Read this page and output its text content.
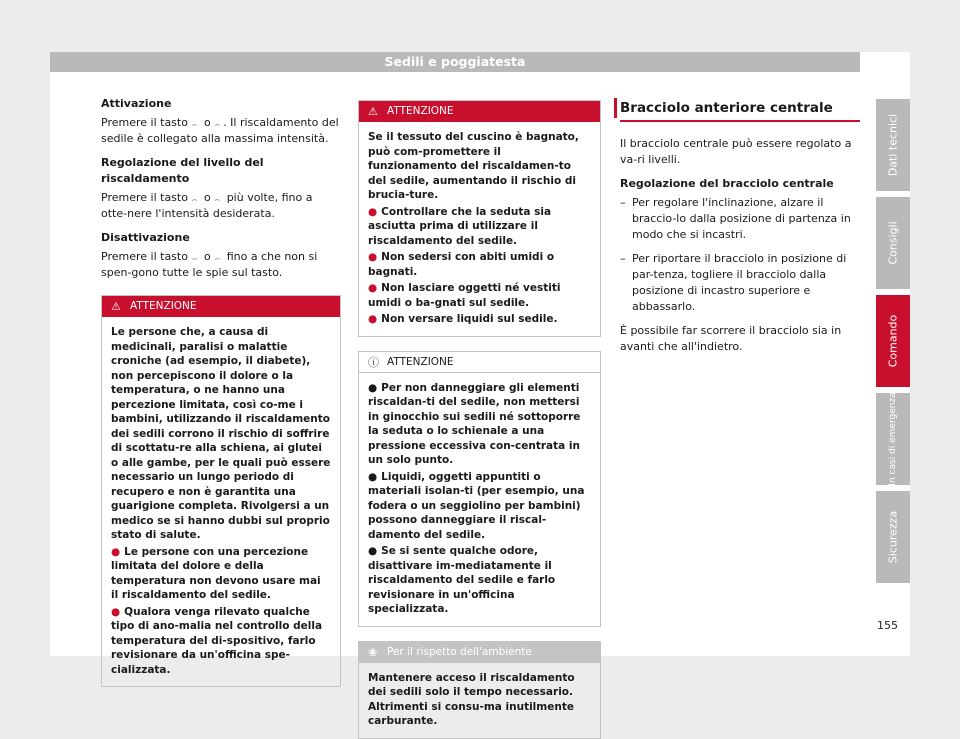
Sedili e poggiatesta
Attivazione
Premere il tasto ⌢ o ⌢ . Il riscaldamento del sedile è collegato alla massima intensità.
Regolazione del livello del riscaldamento
Premere il tasto ⌢ o ⌢ più volte, fino a otte-nere l'intensità desiderata.
Disattivazione
Premere il tasto ⌢ o ⌢ fino a che non si spen-gono tutte le spie sul tasto.
⚠ ATTENZIONE
Le persone che, a causa di medicinali, paralisi o malattie croniche (ad esempio, il diabete), non percepiscono il dolore o la temperatura, o ne hanno una percezione limitata, così co-me i bambini, utilizzando il riscaldamento dei sedili corrono il rischio di soffrire di scottatu-re alla schiena, ai glutei o alle gambe, per le quali può essere necessario un lungo periodo di recupero e non è garantita una guarigione completa. Rivolgersi a un medico se si hanno dubbi sul proprio stato di salute.
● Le persone con una percezione limitata del dolore e della temperatura non devono usare mai il riscaldamento del sedile.
● Qualora venga rilevato qualche tipo di ano-malia nel controllo della temperatura del di-spositivo, farlo revisionare da un'officina spe-cializzata.
⚠ ATTENZIONE
Se il tessuto del cuscino è bagnato, può com-promettere il funzionamento del riscaldamen-to del sedile, aumentando il rischio di brucia-ture.
● Controllare che la seduta sia asciutta prima di utilizzare il riscaldamento del sedile.
● Non sedersi con abiti umidi o bagnati.
● Non lasciare oggetti né vestiti umidi o ba-gnati sul sedile.
● Non versare liquidi sul sedile.
ⓘ ATTENZIONE
● Per non danneggiare gli elementi riscaldan-ti del sedile, non mettersi in ginocchio sui sedili né sottoporre la seduta o lo schienale a una pressione eccessiva con-centrata in un solo punto.
● Liquidi, oggetti appuntiti o materiali isolan-ti (per esempio, una fodera o un seggiolino per bambini) possono danneggiare il riscal-damento del sedile.
● Se si sente qualche odore, disattivare im-mediatamente il riscaldamento del sedile e farlo revisionare in un'officina specializzata.
❀ Per il rispetto dell'ambiente
Mantenere acceso il riscaldamento dei sedili solo il tempo necessario. Altrimenti si consu-ma inutilmente carburante.
Bracciolo anteriore centrale
Il bracciolo centrale può essere regolato a va-ri livelli.
Regolazione del bracciolo centrale
– Per regolare l'inclinazione, alzare il braccio-lo dalla posizione di partenza in modo che si incastri.
– Per riportare il bracciolo in posizione di par-tenza, togliere il bracciolo dalla posizione di incastro superiore e abbassarlo.
È possibile far scorrere il bracciolo sia in avanti che all'indietro.
Dati tecnici
Consigli
Comando
In casi di emergenza
Sicurezza
155
